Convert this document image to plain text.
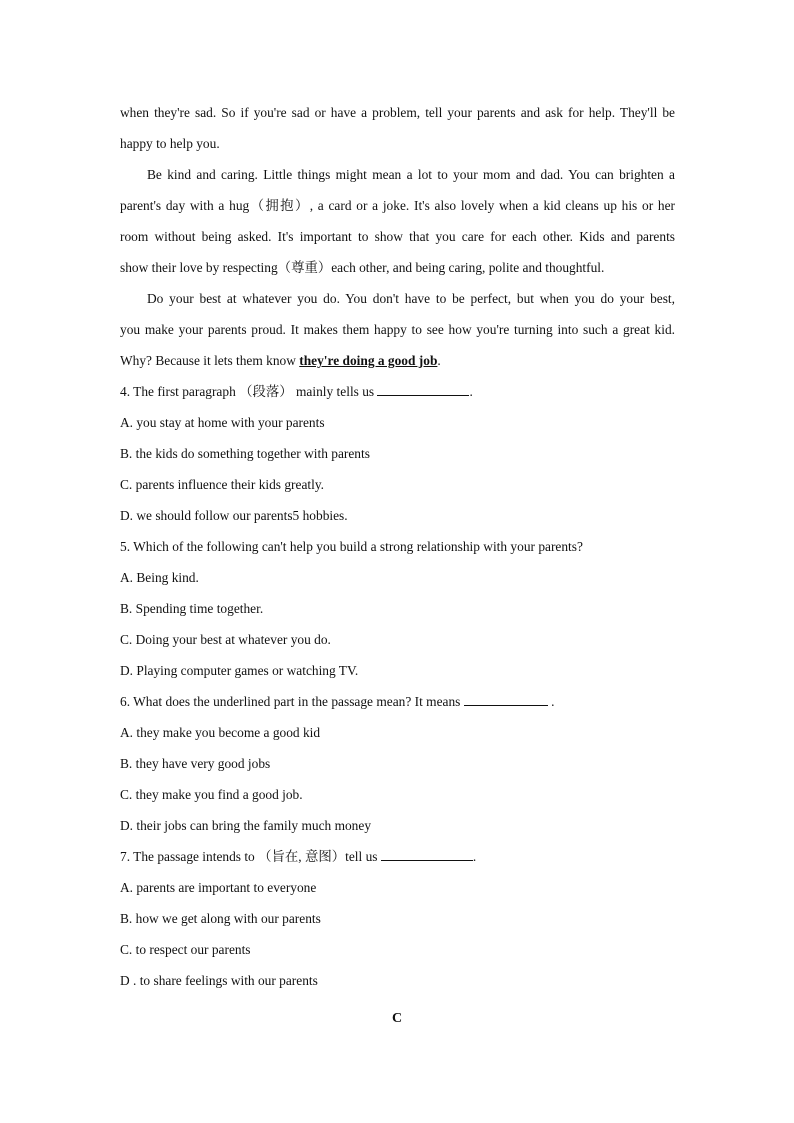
when they're sad. So if you're sad or have a problem, tell your parents and ask for help. They'll be
happy to help you.
Be kind and caring. Little things might mean a lot to your mom and dad. You can brighten a
parent's day with a hug（拥抱）, a card or a joke. It's also lovely when a kid cleans up his or her
room without being asked. It's important to show that you care for each other. Kids and parents
show their love by respecting（尊重）each other, and being caring, polite and thoughtful.
Do your best at whatever you do. You don't have to be perfect, but when you do your best,
you make your parents proud. It makes them happy to see how you're turning into such a great kid.
Why? Because it lets them know they're doing a good job.
4. The first paragraph （段落） mainly tells us	.
A. you stay at home with your parents
B. the kids do something together with parents
C. parents influence their kids greatly.
D. we should follow our parents5 hobbies.
5. Which of the following can't help you build a strong relationship with your parents?
A. Being kind.
B. Spending time together.
C. Doing your best at whatever you do.
D. Playing computer games or watching TV.
6. What does the underlined part in the passage mean? It means	.
A. they make you become a good kid
B. they have very good jobs
C. they make you find a good job.
D. their jobs can bring the family much money
7. The passage intends to （旨在, 意图）tell us	.
A. parents are important to everyone
B. how we get along with our parents
C. to respect our parents
D . to share feelings with our parents
C
